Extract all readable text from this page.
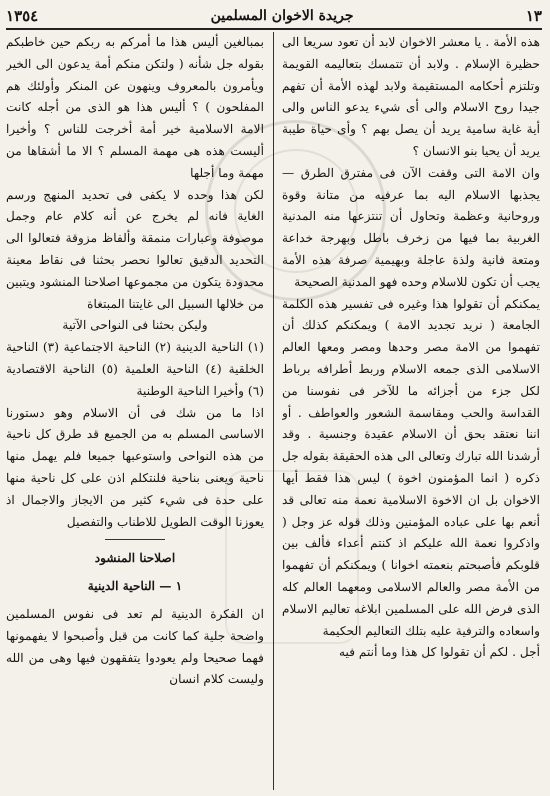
١٣
جريدة الاخوان المسلمين
١٣٥٤

هذه الأمة . يا معشر الاخوان لابد أن تعود سريعا الى حظيرة الإسلام . ولابد أن تتمسك بتعاليمه القويمة وتلتزم أحكامه المستقيمة ولابد لهذه الأمة أن تفهم جيدا روح الاسلام والى أى شيء يدعو الناس والى أية غاية سامية يريد أن يصل بهم ؟ وأى حياة طيبة يريد أن يحيا بنو الانسان ؟

وان الامة التى وقفت الآن فى مفترق الطرق — يجذبها الاسلام اليه بما عرفيه من متانة وقوة وروحانية وعظمة وتحاول أن تنتزعها منه المدنية الغربية بما فيها من زخرف باطل وبهرجة خداعة ومتعة فانية ولذة عاجلة وبهيمية صرفة هذه الأمة يجب أن تكون للاسلام وحده فهو المدنية الصحيحة

يمكنكم أن تقولوا هذا وغيره فى تفسير هذه الكلمة الجامعة ( نريد تجديد الامة ) ويمكنكم كذلك أن تفهموا من الامة مصر وحدها ومصر ومعها العالم الاسلامى الذى جمعه الاسلام وربط أطرافه برباط لكل جزء من أجزائه ما للآخر فى نفوسنا من القداسة والحب ومقاسمة الشعور والعواطف . أو اننا نعتقد بحق أن الاسلام عقيدة وجنسية . وقد أرشدنا الله تبارك وتعالى الى هذه الحقيقة بقوله جل ذكره ( انما المؤمنون اخوة ) ليس هذا فقط أيها الاخوان بل ان الاخوة الاسلامية نعمة منه تعالى قد أنعم بها على عباده المؤمنين وذلك قوله عز وجل ( واذكروا نعمة الله عليكم اذ كنتم أعداء فألف بين قلوبكم فأصبحتم بنعمته اخوانا ) ويمكنكم أن تفهموا من الأمة مصر والعالم الاسلامى ومعهما العالم كله الذى فرض الله على المسلمين ابلاغه تعاليم الاسلام واسعاده والترفية عليه بتلك التعاليم الحكيمة

أجل . لكم أن تقولوا كل هذا وما أنتم فيه

بمبالغين أليس هذا ما أمركم به ربكم حين خاطبكم بقوله جل شأنه ( ولتكن منكم أمة يدعون الى الخير ويأمرون بالمعروف وينهون عن المنكر وأولئك هم المفلحون ) ؟ أليس هذا هو الذى من أجله كانت الامة الاسلامية خير أمة أخرجت للناس ؟ وأخيرا أليست هذه هى مهمة المسلم ؟ الا ما أشقاها من مهمة وما أجلها

لكن هذا وحده لا يكفى فى تحديد المنهج ورسم الغاية فانه لم يخرج عن أنه كلام عام وجمل موصوفة وعبارات منمقة وألفاظ مزوقة فتعالوا الى التحديد الدقيق تعالوا نحصر بحثنا فى نقاط معينة محدودة يتكون من مجموعها اصلاحنا المنشود ويتبين من خلالها السبيل الى غايتنا المبتغاة

وليكن بحثنا فى النواحى الآتية

(١) الناحية الدينية (٢) الناحية الاجتماعية (٣) الناحية الخلقية (٤) الناحية العلمية (٥) الناحية الاقتصادية (٦) وأخيرا الناحية الوطنية

اذا ما من شك فى أن الاسلام وهو دستورنا الاساسى المسلم به من الجميع قد طرق كل ناحية من هذه النواحى واستوعبها جميعا فلم يهمل منها ناحية ويعنى بناحية فلنتكلم اذن على كل ناحية منها على حدة فى شيء كثير من الايجاز والاجمال اذ يعوزنا الوقت الطويل للاطناب والتفصيل

اصلاحنا المنشود

١ — الناحية الدينية

ان الفكرة الدينية لم تعد فى نفوس المسلمين واضحة جلية كما كانت من قبل وأصبحوا لا يفهمونها فهما صحيحا ولم يعودوا يتفقهون فيها وهى من الله وليست كلام انسان
